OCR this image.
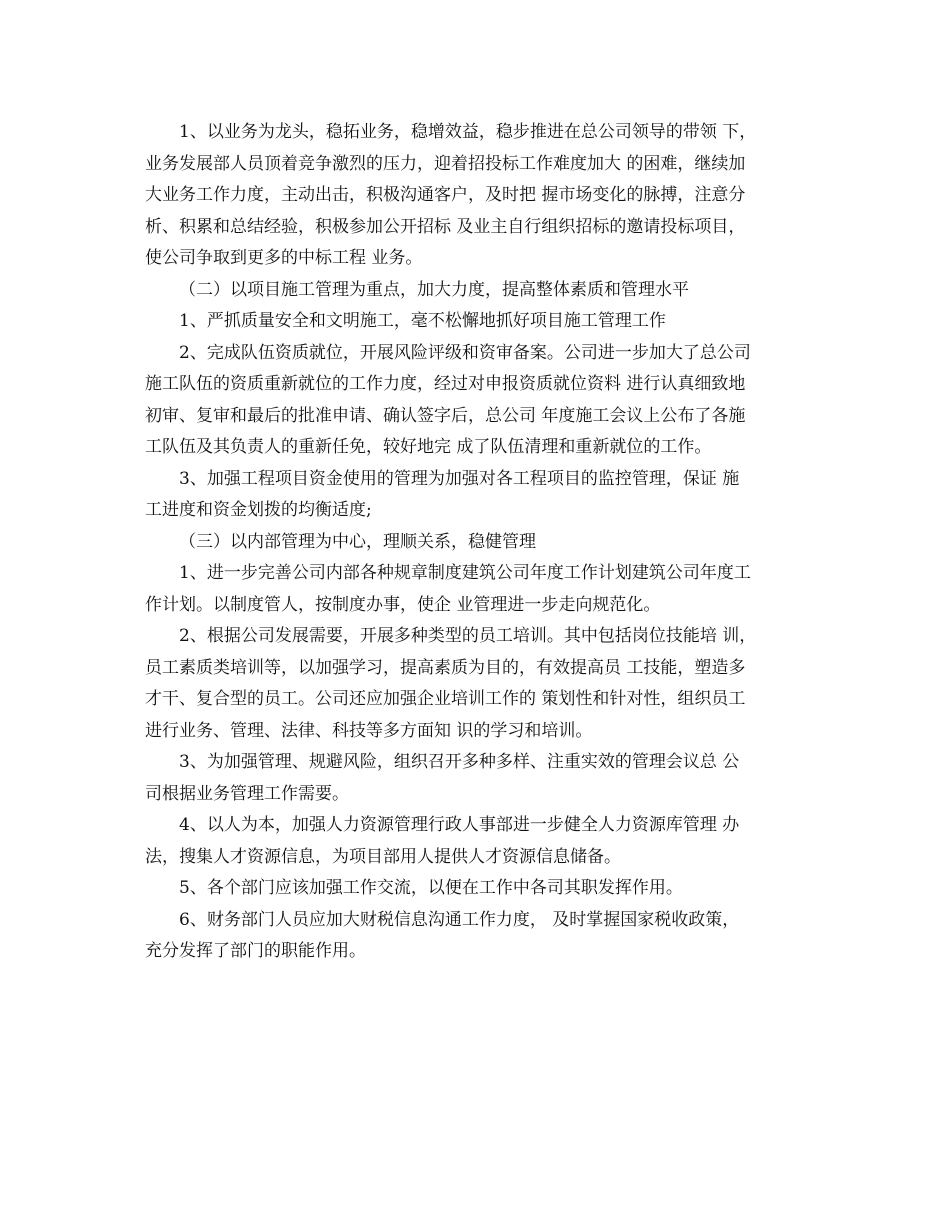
1、以业务为龙头，稳拓业务，稳增效益，稳步推进在总公司领导的带领 下，
业务发展部人员顶着竞争激烈的压力，迎着招投标工作难度加大 的困难，继续加
大业务工作力度，主动出击，积极沟通客户，及时把 握市场变化的脉搏，注意分
析、积累和总结经验，积极参加公开招标 及业主自行组织招标的邀请投标项目，
使公司争取到更多的中标工程 业务。
（二）以项目施工管理为重点，加大力度，提高整体素质和管理水平
1、严抓质量安全和文明施工，毫不松懈地抓好项目施工管理工作
2、完成队伍资质就位，开展风险评级和资审备案。公司进一步加大了总公司
施工队伍的资质重新就位的工作力度，经过对申报资质就位资料 进行认真细致地
初审、复审和最后的批准申请、确认签字后，总公司 年度施工会议上公布了各施
工队伍及其负责人的重新任免，较好地完 成了队伍清理和重新就位的工作。
3、加强工程项目资金使用的管理为加强对各工程项目的监控管理，保证 施
工进度和资金划拨的均衡适度;
（三）以内部管理为中心，理顺关系，稳健管理
1、进一步完善公司内部各种规章制度建筑公司年度工作计划建筑公司年度工
作计划。以制度管人，按制度办事，使企 业管理进一步走向规范化。
2、根据公司发展需要，开展多种类型的员工培训。其中包括岗位技能培 训，
员工素质类培训等，以加强学习，提高素质为目的，有效提高员 工技能，塑造多
才干、复合型的员工。公司还应加强企业培训工作的 策划性和针对性，组织员工
进行业务、管理、法律、科技等多方面知 识的学习和培训。
3、为加强管理、规避风险，组织召开多种多样、注重实效的管理会议总 公
司根据业务管理工作需要。
4、以人为本，加强人力资源管理行政人事部进一步健全人力资源库管理 办
法，搜集人才资源信息，为项目部用人提供人才资源信息储备。
5、各个部门应该加强工作交流，以便在工作中各司其职发挥作用。
6、财务部门人员应加大财税信息沟通工作力度， 及时掌握国家税收政策，
充分发挥了部门的职能作用。
